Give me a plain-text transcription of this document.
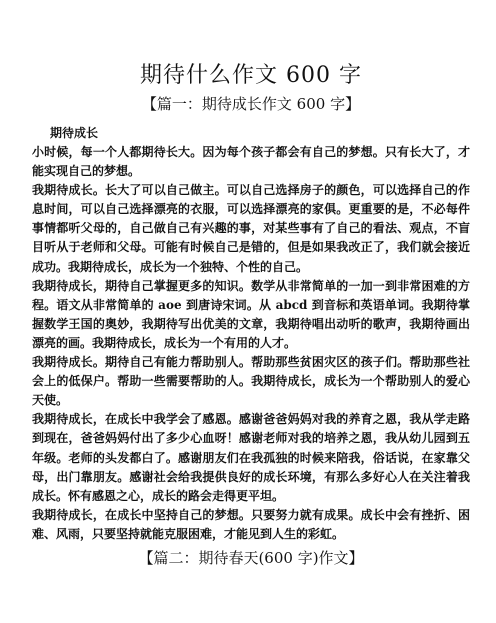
期待什么作文 600 字
【篇一：期待成长作文 600 字】
期待成长

小时候，每一个人都期待长大。因为每个孩子都会有自己的梦想。只有长大了，才能实现自己的梦想。

我期待成长。长大了可以自己做主。可以自己选择房子的颜色，可以选择自己的作息时间，可以自己选择漂亮的衣服，可以选择漂亮的家俱。更重要的是，不必每件事情都听父母的，自己做自己有兴趣的事，对某些事有了自己的看法、观点，不盲目听从于老师和父母。可能有时候自己是错的，但是如果我改正了，我们就会接近成功。我期待成长，成长为一个独特、个性的自己。

我期待成长，期待自己掌握更多的知识。数学从非常简单的一加一到非常困难的方程。语文从非常简单的 aoe 到唐诗宋词。从 abcd 到音标和英语单词。我期待掌握数学王国的奥妙，我期待写出优美的文章，我期待唱出动听的歌声，我期待画出漂亮的画。我期待成长，成长为一个有用的人才。

我期待成长。期待自己有能力帮助别人。帮助那些贫困灾区的孩子们。帮助那些社会上的低保户。帮助一些需要帮助的人。我期待成长，成长为一个帮助别人的爱心天使。

我期待成长，在成长中我学会了感恩。感谢爸爸妈妈对我的养育之恩，我从学走路到现在，爸爸妈妈付出了多少心血呀！感谢老师对我的培养之恩，我从幼儿园到五年级。老师的头发都白了。感谢朋友们在我孤独的时候来陪我，俗话说，在家靠父母，出门靠朋友。感谢社会给我提供良好的成长环境，有那么多好心人在关注着我成长。怀有感恩之心，成长的路会走得更平坦。

我期待成长，在成长中坚持自己的梦想。只要努力就有成果。成长中会有挫折、困难、风雨，只要坚持就能克服困难，才能见到人生的彩虹。

【篇二：期待春天(600 字)作文】
